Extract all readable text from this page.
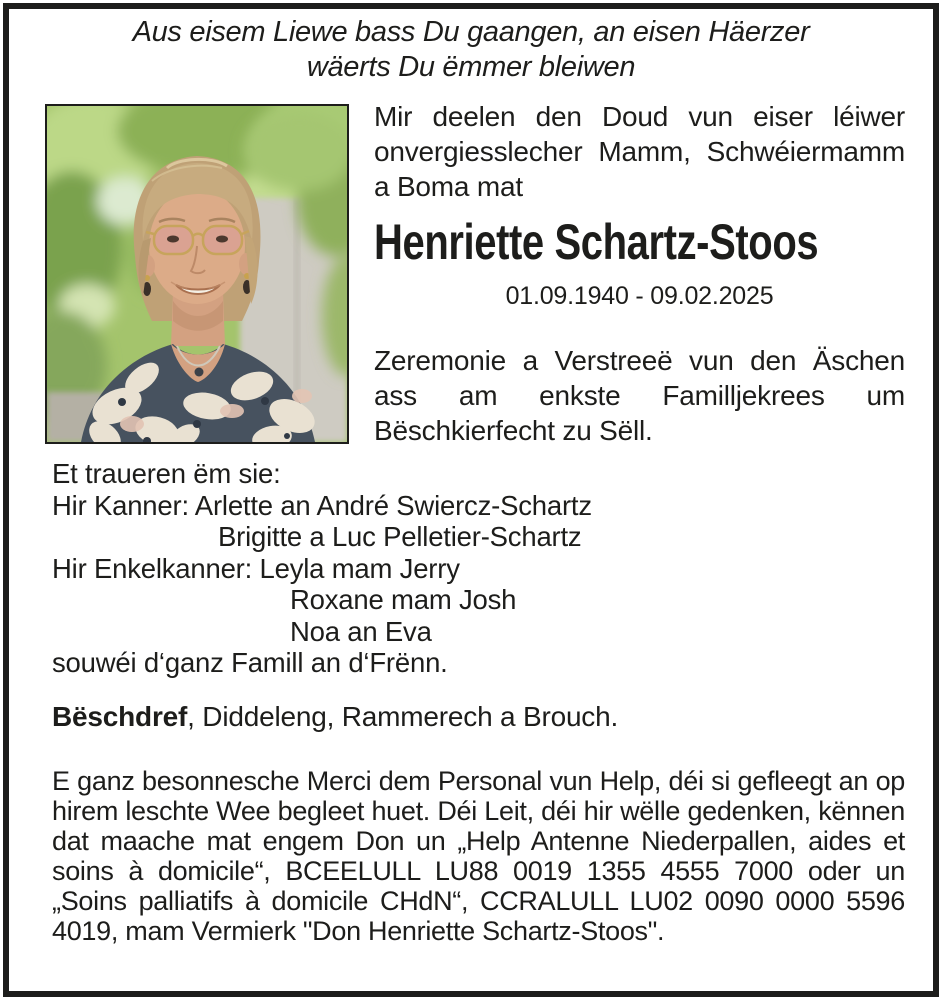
Aus eisem Liewe bass Du gaangen, an eisen Häerzer
wäerts Du ëmmer bleiwen

Mir deelen den Doud vun eiser léiwer onvergiesslecher Mamm, Schwéiermamm a Boma mat

Henriette Schartz-Stoos
01.09.1940 - 09.02.2025

Zeremonie a Verstreeë vun den Äschen ass am enkste Familljekrees um Bëschkierfecht zu Sëll.

Et traueren ëm sie:
Hir Kanner: Arlette an André Swiercz-Schartz
Brigitte a Luc Pelletier-Schartz
Hir Enkelkanner: Leyla mam Jerry
Roxane mam Josh
Noa an Eva
souwéi d‘ganz Famill an d‘Frënn.
Bëschdref, Diddeleng, Rammerech a Brouch.

E ganz besonnesche Merci dem Personal vun Help, déi si gefleegt an op hirem leschte Wee begleet huet. Déi Leit, déi hir wëlle gedenken, kënnen dat maache mat engem Don un „Help Antenne Niederpallen, aides et soins à domicile“, BCEELULL LU88 0019 1355 4555 7000 oder un „Soins palliatifs à domicile CHdN“, CCRALULL LU02 0090 0000 5596 4019, mam Vermierk "Don Henriette Schartz-Stoos".
